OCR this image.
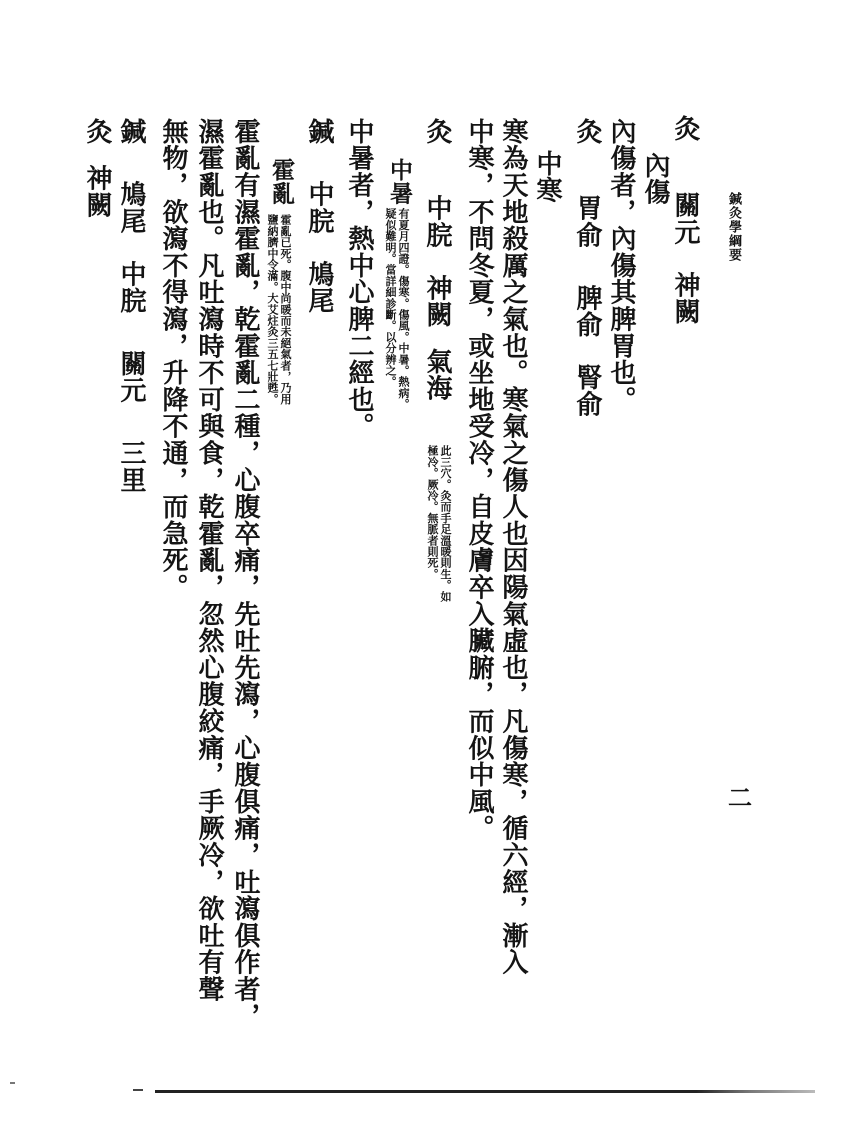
鍼灸學綱要
二
灸關元神闕
內傷
內傷者，內傷其脾胃也。
灸胃俞脾俞腎俞
中寒
寒為天地殺厲之氣也。寒氣之傷人也因陽氣虛也，凡傷寒，循六經，漸入
中寒，不問冬夏，或坐地受冷，自皮膚卒入臟腑，而似中風。
灸中脘神闕氣海
此三穴。灸而手足溫暖則生。如
極冷。厥冷。無脈者則死。
中暑
有夏月四證。傷寒。傷風。中暑。熱病。
疑似難明。當詳細診斷。以分辨之。
中暑者，熱中心脾二經也。
鍼中脘鳩尾
霍亂
霍亂已死。腹中尚暖而未絕氣者，乃用
鹽納臍中令滿。大艾炷灸三五七壯甦。
霍亂有濕霍亂，乾霍亂二種，心腹卒痛，先吐先瀉，心腹俱痛，吐瀉俱作者，
濕霍亂也。凡吐瀉時不可與食，乾霍亂，忽然心腹絞痛，手厥冷，欲吐有聲
無物，欲瀉不得瀉，升降不通，而急死。
鍼鳩尾中脘關元三里
灸神闕
